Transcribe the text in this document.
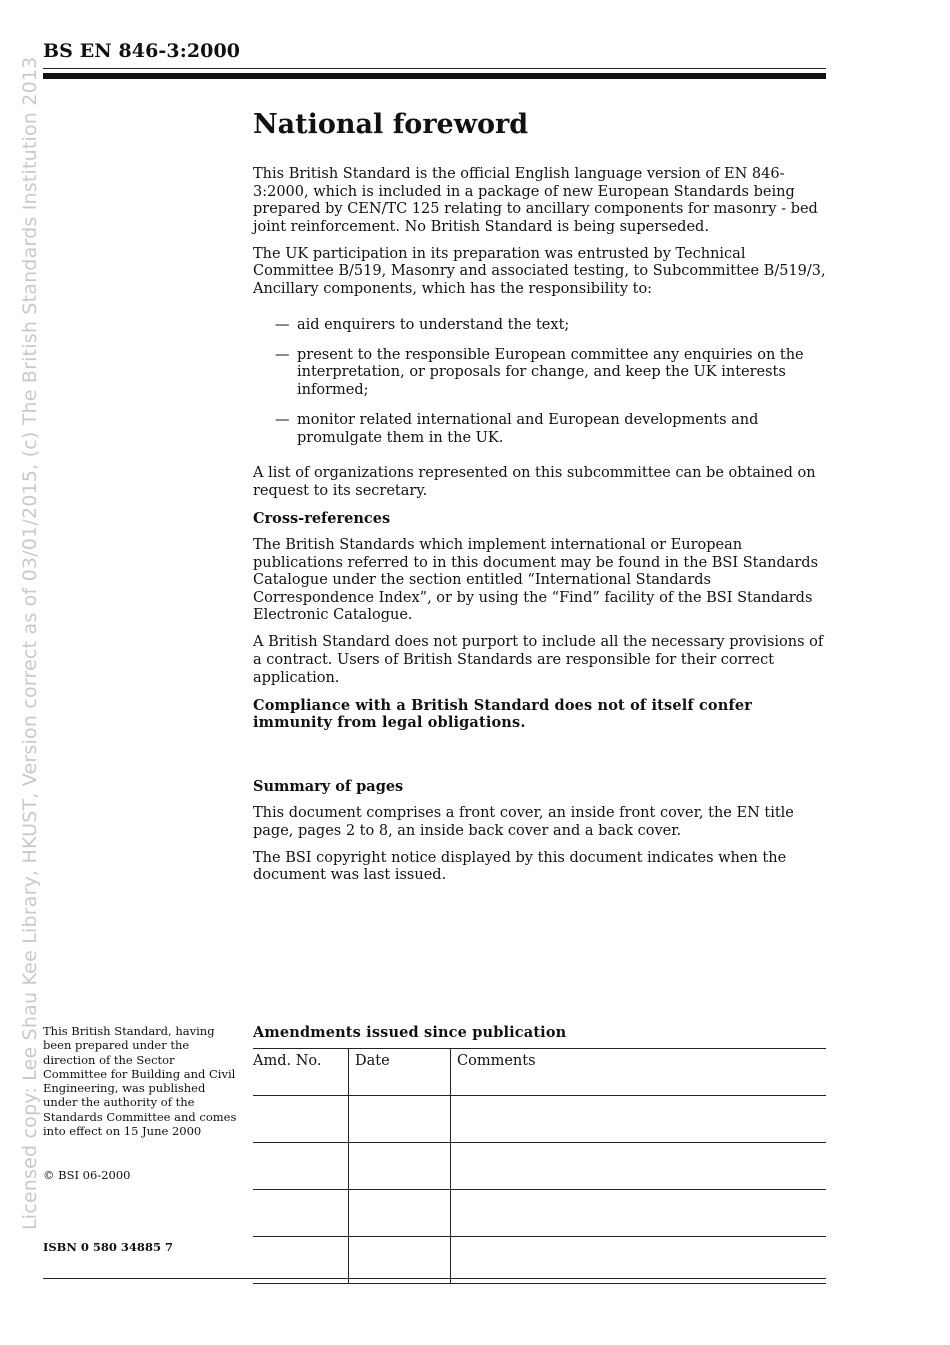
BS EN 846-3:2000
Licensed copy: Lee Shau Kee Library, HKUST, Version correct as of 03/01/2015, (c) The British Standards Institution 2013	National foreword

This British Standard is the official English language version of EN 846-3:2000, which is included in a package of new European Standards being prepared by CEN/TC 125 relating to ancillary components for masonry - bed joint reinforcement. No British Standard is being superseded.

The UK participation in its preparation was entrusted by Technical Committee B/519, Masonry and associated testing, to Subcommittee B/519/3, Ancillary components, which has the responsibility to:

— aid enquirers to understand the text;
— present to the responsible European committee any enquiries on the interpretation, or proposals for change, and keep the UK interests informed;
— monitor related international and European developments and promulgate them in the UK.

A list of organizations represented on this subcommittee can be obtained on request to its secretary.

Cross-references

The British Standards which implement international or European publications referred to in this document may be found in the BSI Standards Catalogue under the section entitled “International Standards Correspondence Index”, or by using the “Find” facility of the BSI Standards Electronic Catalogue.

A British Standard does not purport to include all the necessary provisions of a contract. Users of British Standards are responsible for their correct application.

Compliance with a British Standard does not of itself confer immunity from legal obligations.

Summary of pages

This document comprises a front cover, an inside front cover, the EN title page, pages 2 to 8, an inside back cover and a back cover.

The BSI copyright notice displayed by this document indicates when the document was last issued.

This British Standard, having been prepared under the direction of the Sector Committee for Building and Civil Engineering, was published under the authority of the Standards Committee and comes into effect on 15 June 2000
© BSI 06-2000
ISBN 0 580 34885 7
Amendments issued since publication
Amd. No.	Date	Comments
